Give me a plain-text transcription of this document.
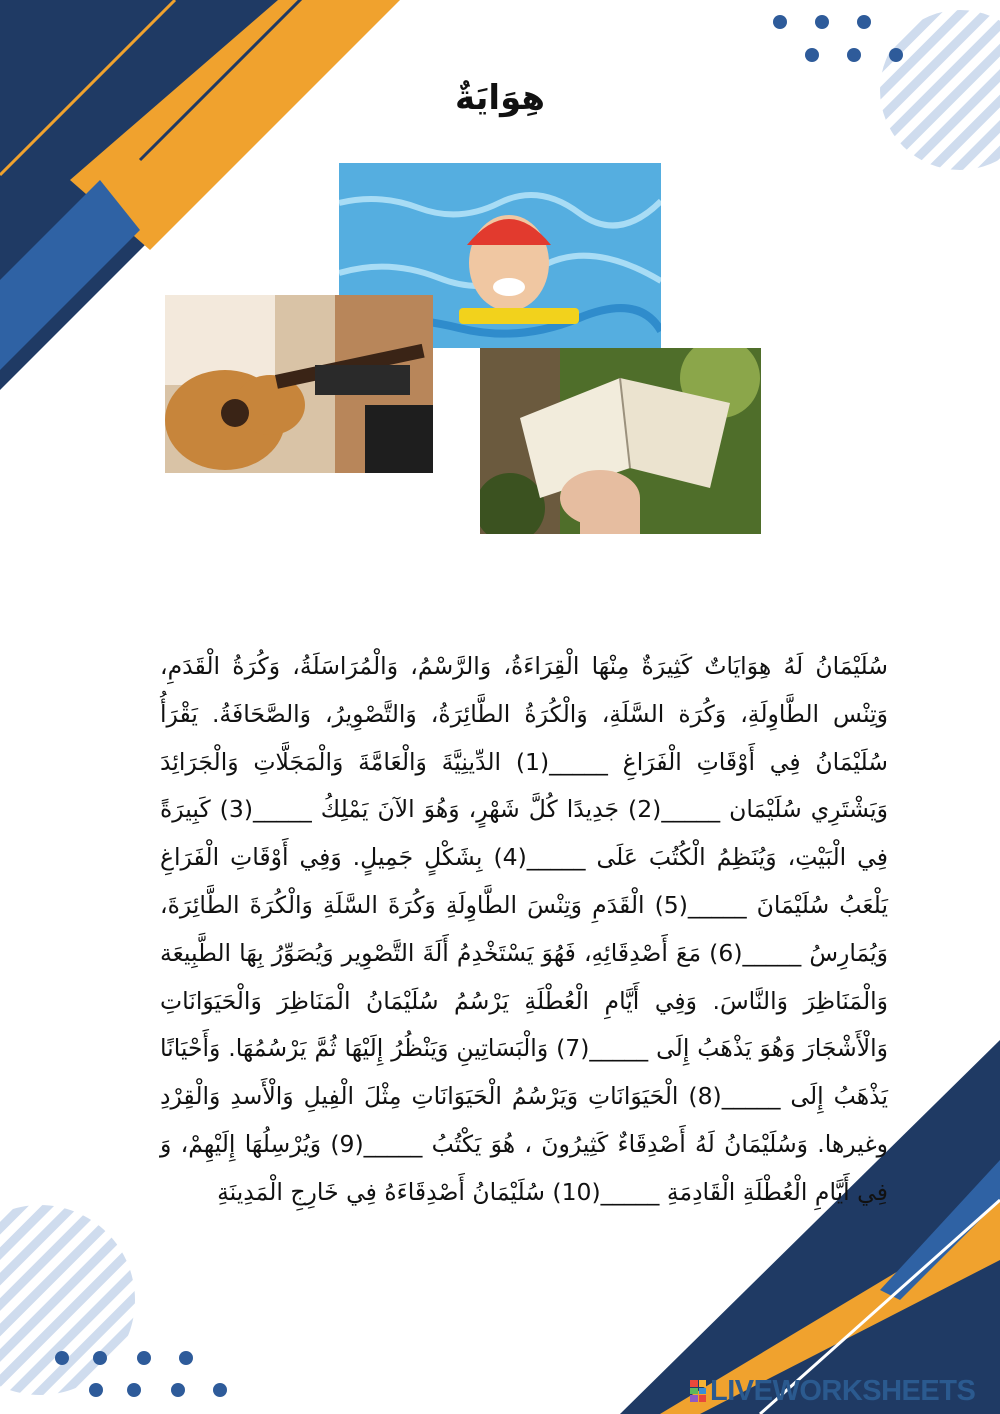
هِوَايَةٌ

سُلَيْمَانُ لَهُ هِوَايَاتٌ كَثِيرَةٌ مِنْهَا الْقِرَاءَةُ، وَالرَّسْمُ، وَالْمُرَاسَلَةُ، وَكُرَةُ الْقَدَمِ، وَتِنْس الطَّاوِلَةِ، وَكُرَة السَّلَةِ، وَالْكُرَةُ الطَّائِرَةُ، وَالتَّصْوِيرُ، وَالصَّحَافَةُ. يَقْرَأُ سُلَيْمَانُ فِي أَوْقَاتِ الْفَرَاغِ _____(1) الدِّينِيَّةَ وَالْعَامَّةَ وَالْمَجَلَّاتِ وَالْجَرَائِدَ وَيَشْتَرِي سُلَيْمَان _____(2) جَدِيدًا كُلَّ شَهْرٍ، وَهُوَ الآنَ يَمْلِكُ _____(3) كَبِيرَةً فِي الْبَيْتِ، وَيُنَظِمُ الْكُتُبَ عَلَى _____(4) بِشَكْلٍ جَمِيلٍ. وَفِي أَوْقَاتِ الْفَرَاغِ يَلْعَبُ سُلَيْمَانَ _____(5) الْقَدَمِ وَتِنْسَ الطَّاوِلَةِ وَكُرَةَ السَّلَةِ وَالْكُرَةَ الطَّائِرَةَ، وَيُمَارِسُ _____(6) مَعَ أَصْدِقَائِهِ، فَهُوَ يَسْتَخْدِمُ أَلَةَ التَّصْوِير وَيُصَوِّرُ بِهَا الطَّبِيعَة وَالْمَنَاظِرَ وَالنَّاسَ. وَفِي أَيَّامِ الْعُطْلَةِ يَرْسُمُ سُلَيْمَانُ الْمَنَاظِرَ وَالْحَيَوَانَاتِ وَالْأَشْجَارَ وَهُوَ يَذْهَبُ إِلَى _____(7) وَالْبَسَاتِينِ وَيَنْظُرُ إِلَيْهَا ثُمَّ يَرْسُمُهَا. وَأَحْيَانًا يَذْهَبُ إِلَى _____(8) الْحَيَوَانَاتِ وَيَرْسُمُ الْحَيَوَانَاتِ مِثْلَ الْفِيلِ وَالْأَسدِ وَالْقِرْدِ وغيرها. وَسُلَيْمَانُ لَهُ أَصْدِقَاءٌ كَثِيرُونَ ، هُوَ يَكْتُبُ _____(9) وَيُرْسِلُهَا إِلَيْهِمْ، وَ فِي أَيَّامِ الْعُطْلَةِ الْقَادِمَةِ _____(10) سُلَيْمَانُ أَصْدِقَاءَهُ فِي خَارِجِ الْمَدِينَةِ

LIVEWORKSHEETS
